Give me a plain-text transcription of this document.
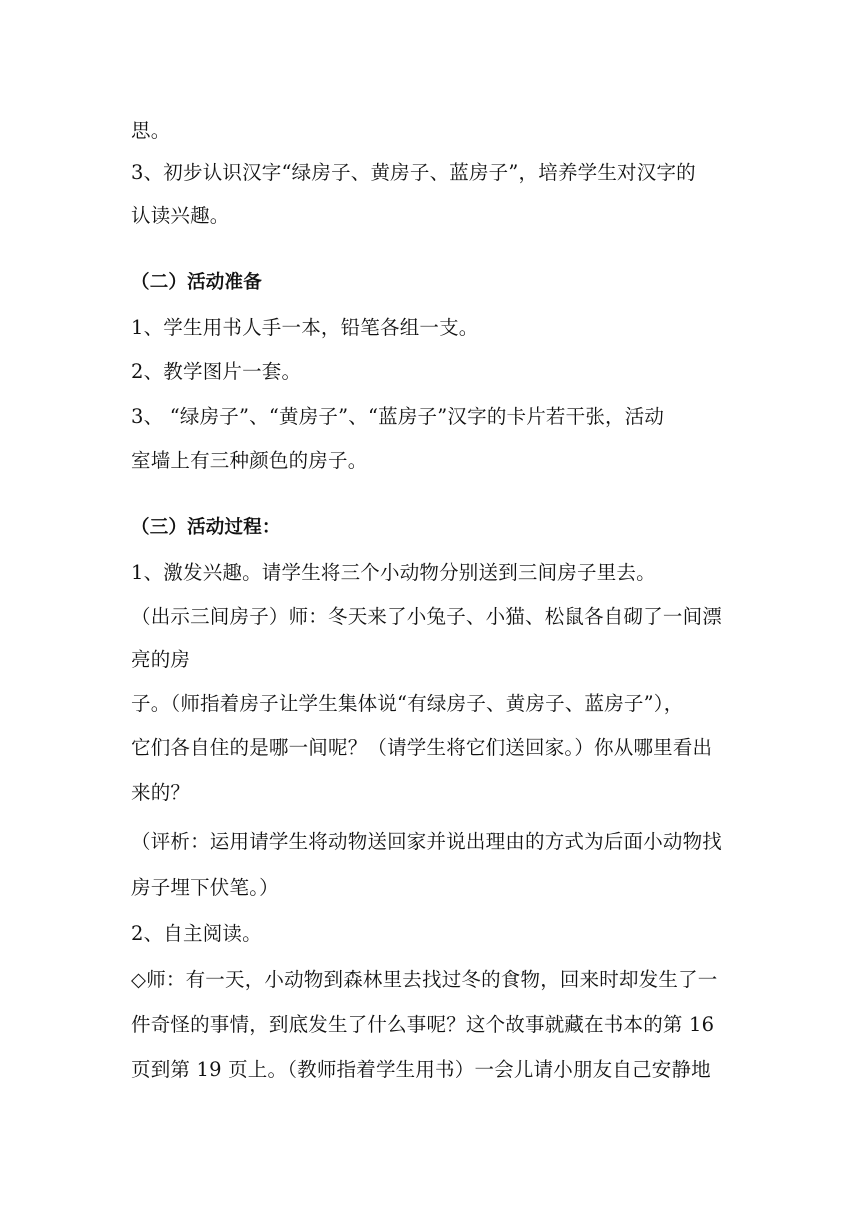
思。
3、初步认识汉字“绿房子、黄房子、蓝房子”，培养学生对汉字的
认读兴趣。
（二）活动准备
1、学生用书人手一本，铅笔各组一支。
2、教学图片一套。
3、 “绿房子”、“黄房子”、“蓝房子”汉字的卡片若干张，活动
室墙上有三种颜色的房子。
（三）活动过程：
1、激发兴趣。请学生将三个小动物分别送到三间房子里去。
（出示三间房子）师：冬天来了小兔子、小猫、松鼠各自砌了一间漂
亮的房
子。（师指着房子让学生集体说“有绿房子、黄房子、蓝房子”），
它们各自住的是哪一间呢？（请学生将它们送回家。）你从哪里看出
来的？
（评析：运用请学生将动物送回家并说出理由的方式为后面小动物找
房子埋下伏笔。）
2、自主阅读。
◇师：有一天，小动物到森林里去找过冬的食物，回来时却发生了一
件奇怪的事情，到底发生了什么事呢？这个故事就藏在书本的第 16
页到第 19 页上。（教师指着学生用书）一会儿请小朋友自己安静地
